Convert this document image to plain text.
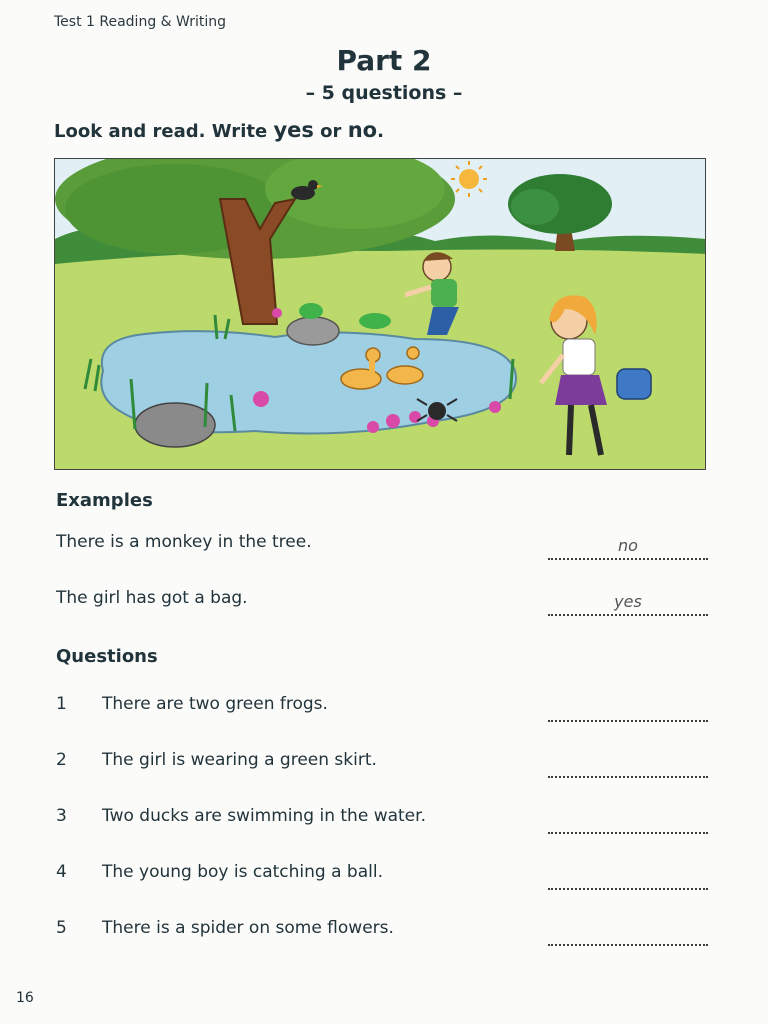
Test 1 Reading & Writing
Part 2
– 5 questions –
Look and read. Write yes or no.
Examples
There is a monkey in the tree.	no
The girl has got a bag.	yes
Questions
1	There are two green frogs.
2	The girl is wearing a green skirt.
3	Two ducks are swimming in the water.
4	The young boy is catching a ball.
5	There is a spider on some flowers.
16
